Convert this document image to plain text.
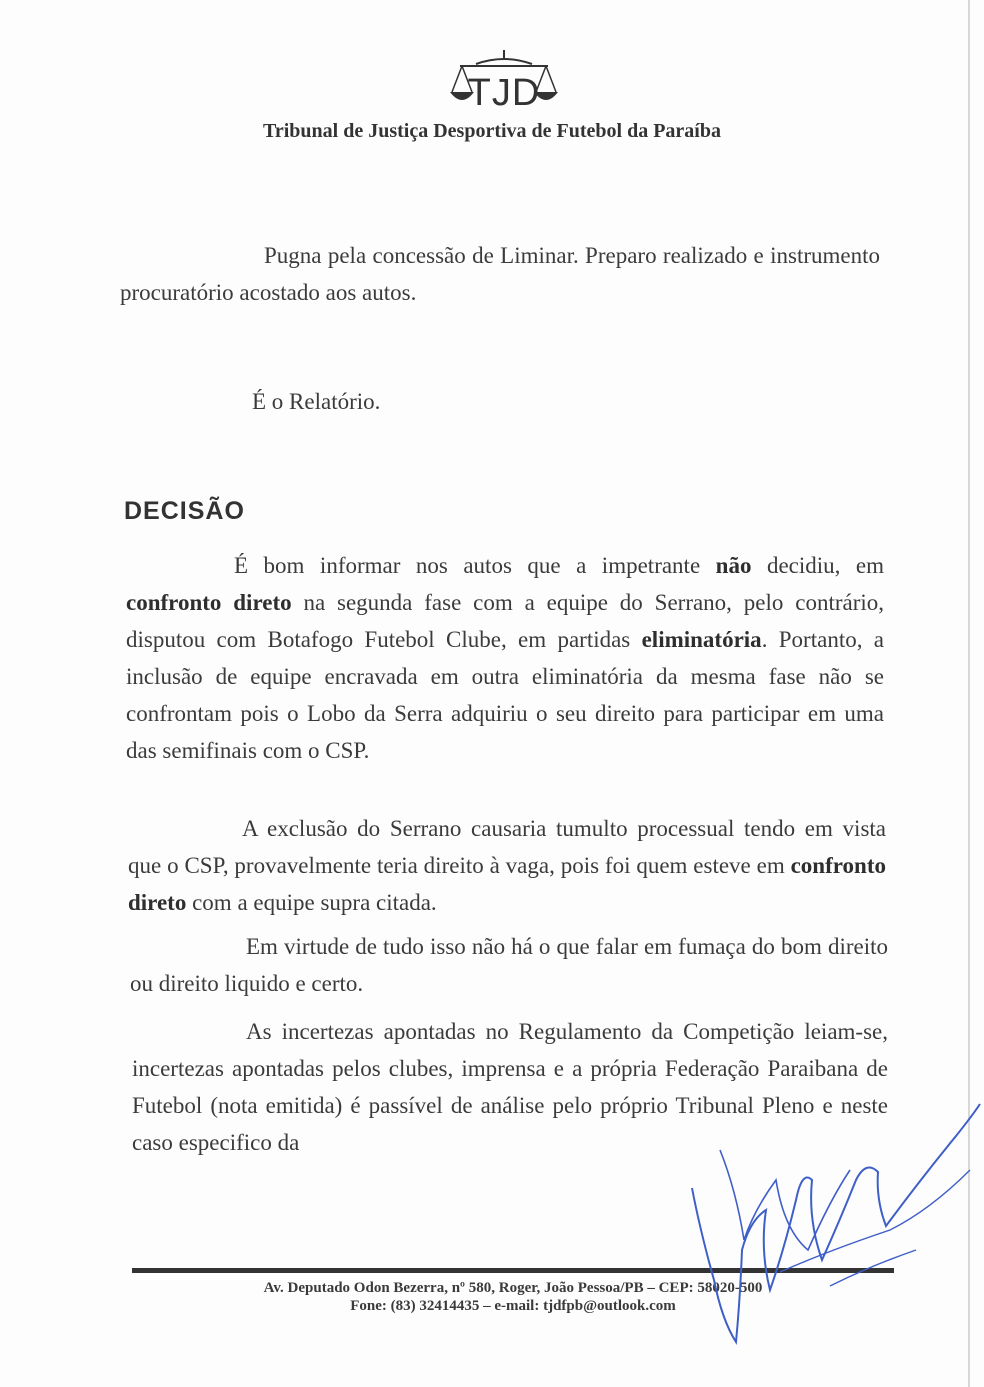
TJD
Tribunal de Justiça Desportiva de Futebol da Paraíba
Pugna pela concessão de Liminar. Preparo realizado e instrumento procuratório acostado aos autos.
É o Relatório.
DECISÃO
É bom informar nos autos que a impetrante não decidiu, em confronto direto na segunda fase com a equipe do Serrano, pelo contrário, disputou com Botafogo Futebol Clube, em partidas eliminatória. Portanto, a inclusão de equipe encravada em outra eliminatória da mesma fase não se confrontam pois o Lobo da Serra adquiriu o seu direito para participar em uma das semifinais com o CSP.
A exclusão do Serrano causaria tumulto processual tendo em vista que o CSP, provavelmente teria direito à vaga, pois foi quem esteve em confronto direto com a equipe supra citada.
Em virtude de tudo isso não há o que falar em fumaça do bom direito ou direito liquido e certo.
As incertezas apontadas no Regulamento da Competição leiam-se, incertezas apontadas pelos clubes, imprensa e a própria Federação Paraibana de Futebol (nota emitida) é passível de análise pelo próprio Tribunal Pleno e neste caso especifico da
Av. Deputado Odon Bezerra, nº 580, Roger, João Pessoa/PB – CEP: 58020-500
Fone: (83) 32414435 – e-mail: tjdfpb@outlook.com
